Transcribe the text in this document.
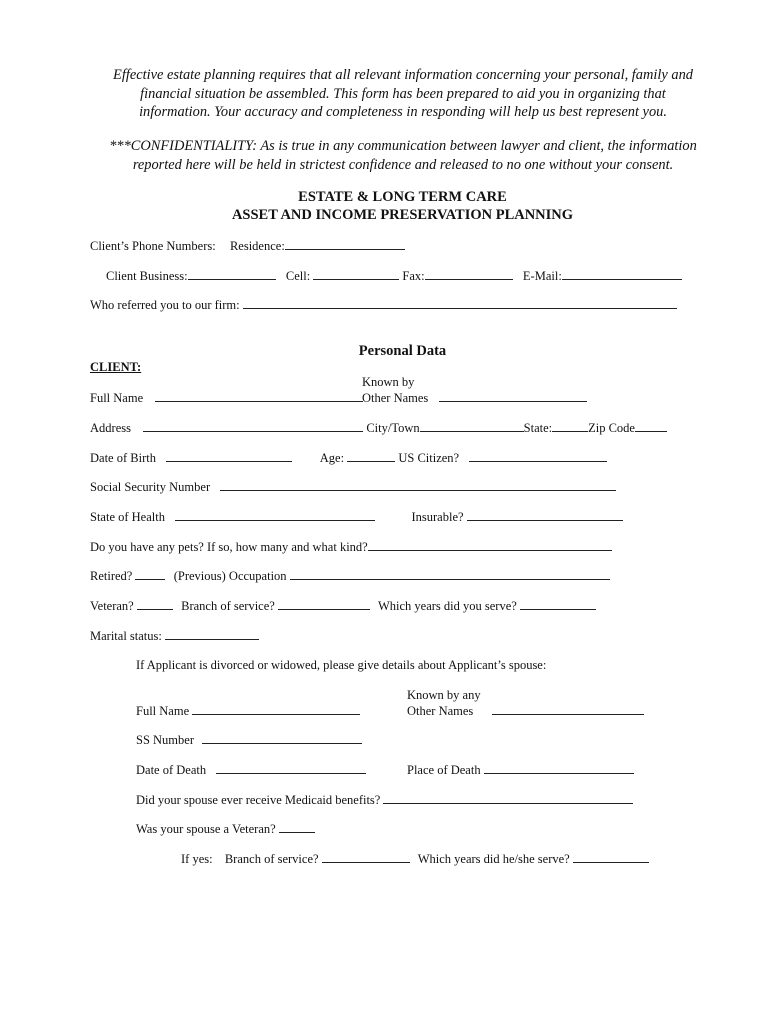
Effective estate planning requires that all relevant information concerning your personal, family and
financial situation be assembled. This form has been prepared to aid you in organizing that
information. Your accuracy and completeness in responding will help us best represent you.
***CONFIDENTIALITY: As is true in any communication between lawyer and client, the information
reported here will be held in strictest confidence and released to no one without your consent.
ESTATE & LONG TERM CARE
ASSET AND INCOME PRESERVATION PLANNING
Client’s Phone Numbers: Residence:
Client Business:	Cell:	Fax:	E-Mail:
Who referred you to our firm:
Personal Data
CLIENT:
Known by
Full Name	Other Names
Address	City/Town	State:	Zip Code
Date of Birth	Age:	US Citizen?
Social Security Number
State of Health	Insurable?
Do you have any pets? If so, how many and what kind?
Retired?	(Previous) Occupation
Veteran?	Branch of service?	Which years did you serve?
Marital status:
If Applicant is divorced or widowed, please give details about Applicant’s spouse:
Known by any
Full Name	Other Names
SS Number
Date of Death	Place of Death
Did your spouse ever receive Medicaid benefits?
Was your spouse a Veteran?
If yes: Branch of service?	Which years did he/she serve?
